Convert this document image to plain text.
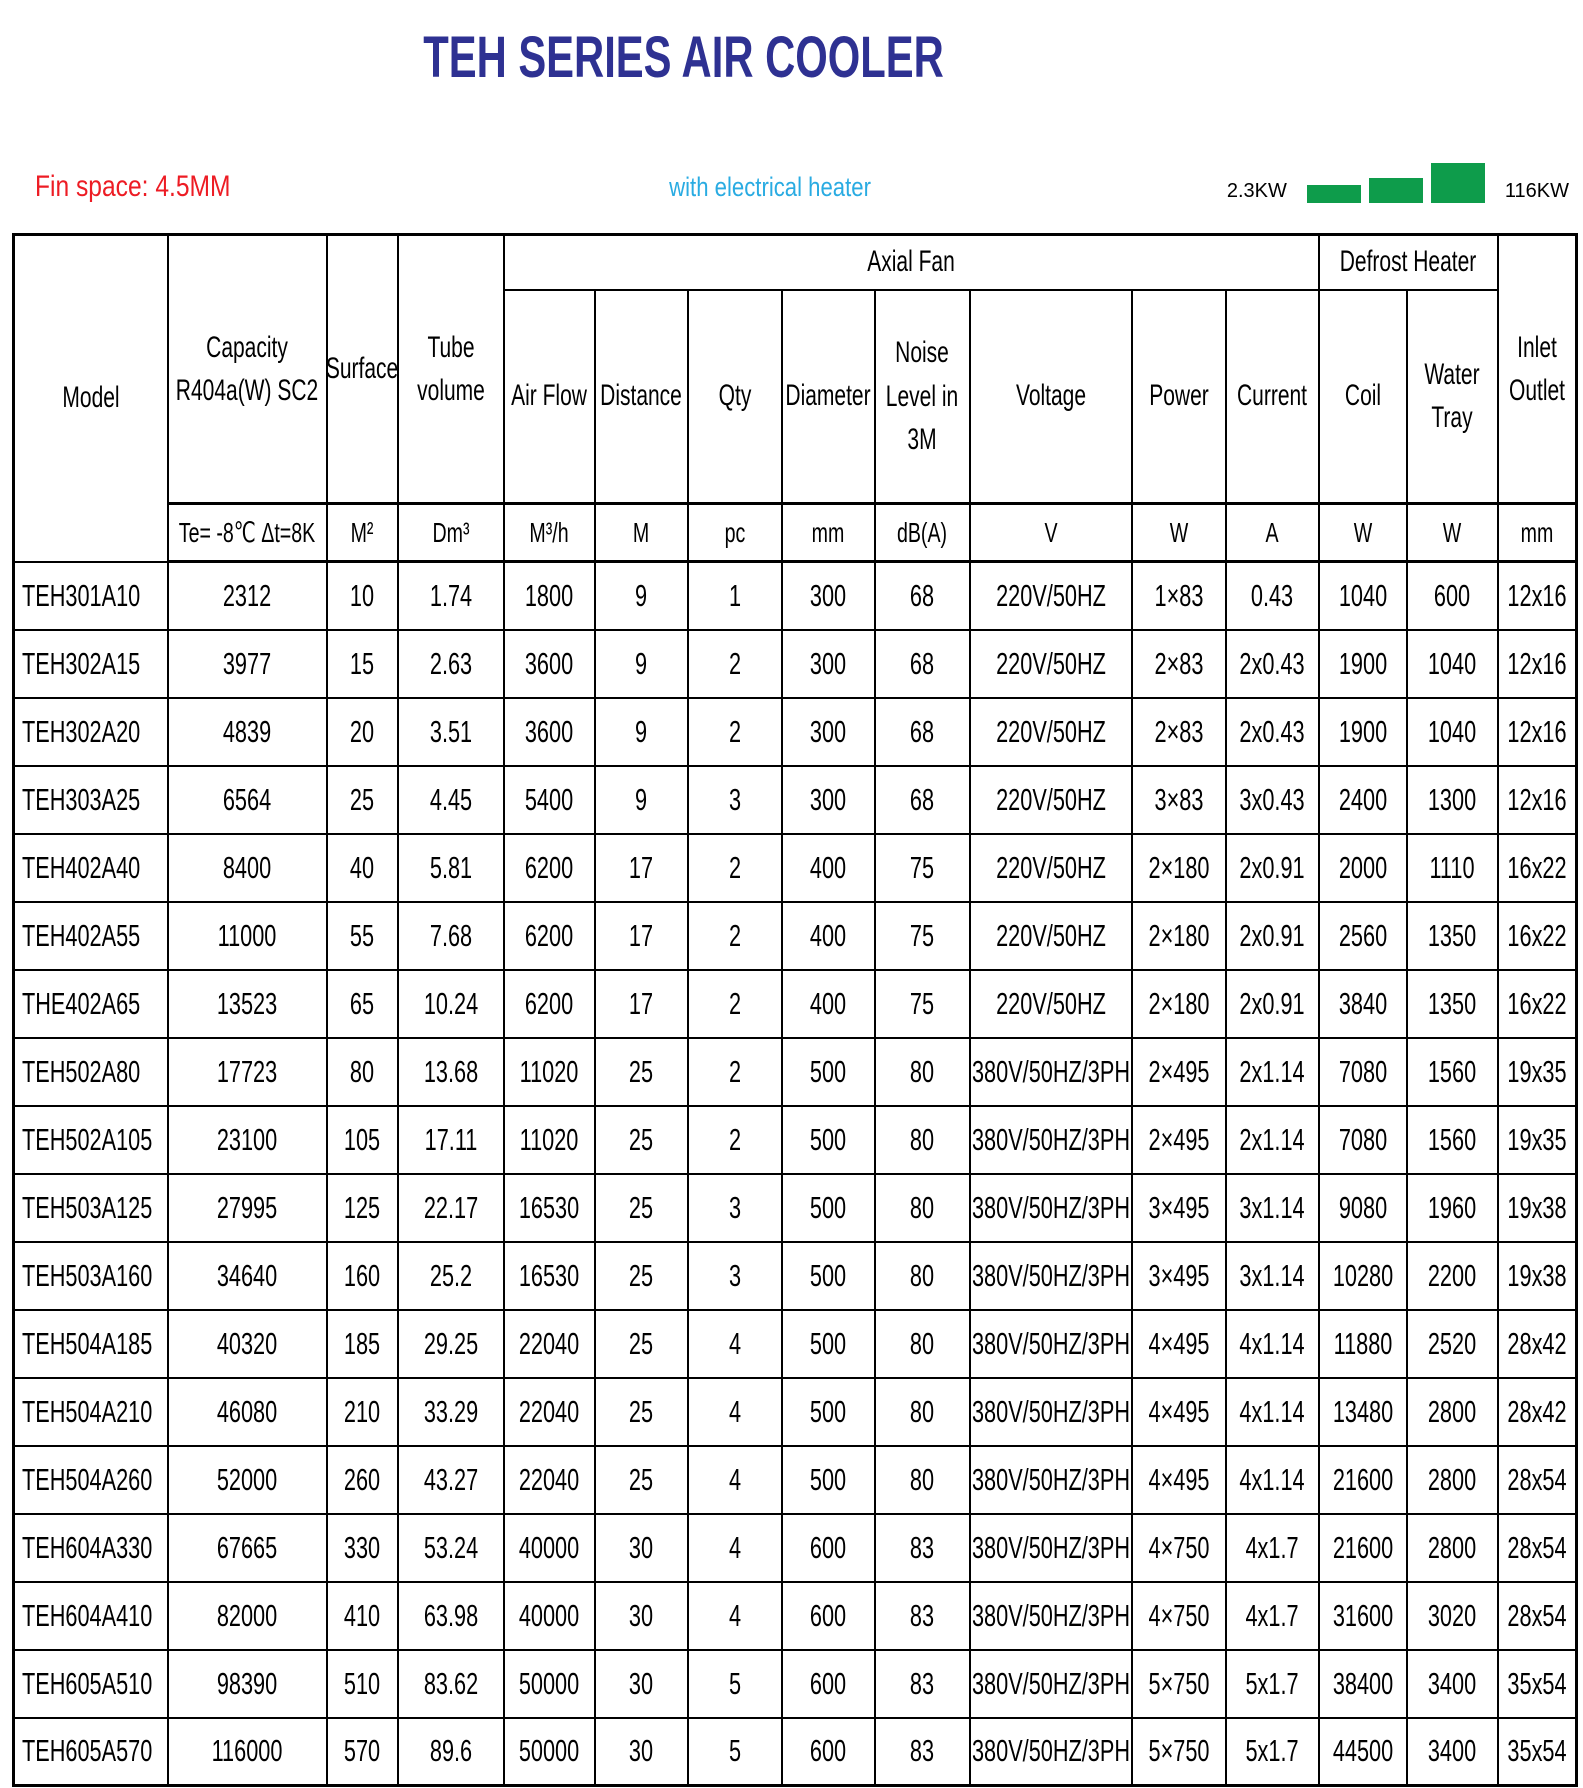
TEH SERIES AIR COOLER
Fin space: 4.5MM	with electrical heater	2.3KW	116KW
Model	Capacity R404a(W) SC2	Surface	Tube volume	Axial Fan								Defrost Heater		Inlet Outlet
				Air Flow	Distance	Qty	Diameter	Noise Level in 3M	Voltage	Power	Current	Coil	Water Tray	
	Te= -8℃ Δt=8K	M²	Dm³	M³/h	M	pc	mm	dB(A)	V	W	A	W	W	mm
TEH301A10	2312	10	1.74	1800	9	1	300	68	220V/50HZ	1×83	0.43	1040	600	12x16
TEH302A15	3977	15	2.63	3600	9	2	300	68	220V/50HZ	2×83	2x0.43	1900	1040	12x16
TEH302A20	4839	20	3.51	3600	9	2	300	68	220V/50HZ	2×83	2x0.43	1900	1040	12x16
TEH303A25	6564	25	4.45	5400	9	3	300	68	220V/50HZ	3×83	3x0.43	2400	1300	12x16
TEH402A40	8400	40	5.81	6200	17	2	400	75	220V/50HZ	2×180	2x0.91	2000	1110	16x22
TEH402A55	11000	55	7.68	6200	17	2	400	75	220V/50HZ	2×180	2x0.91	2560	1350	16x22
THE402A65	13523	65	10.24	6200	17	2	400	75	220V/50HZ	2×180	2x0.91	3840	1350	16x22
TEH502A80	17723	80	13.68	11020	25	2	500	80	380V/50HZ/3PH	2×495	2x1.14	7080	1560	19x35
TEH502A105	23100	105	17.11	11020	25	2	500	80	380V/50HZ/3PH	2×495	2x1.14	7080	1560	19x35
TEH503A125	27995	125	22.17	16530	25	3	500	80	380V/50HZ/3PH	3×495	3x1.14	9080	1960	19x38
TEH503A160	34640	160	25.2	16530	25	3	500	80	380V/50HZ/3PH	3×495	3x1.14	10280	2200	19x38
TEH504A185	40320	185	29.25	22040	25	4	500	80	380V/50HZ/3PH	4×495	4x1.14	11880	2520	28x42
TEH504A210	46080	210	33.29	22040	25	4	500	80	380V/50HZ/3PH	4×495	4x1.14	13480	2800	28x42
TEH504A260	52000	260	43.27	22040	25	4	500	80	380V/50HZ/3PH	4×495	4x1.14	21600	2800	28x54
TEH604A330	67665	330	53.24	40000	30	4	600	83	380V/50HZ/3PH	4×750	4x1.7	21600	2800	28x54
TEH604A410	82000	410	63.98	40000	30	4	600	83	380V/50HZ/3PH	4×750	4x1.7	31600	3020	28x54
TEH605A510	98390	510	83.62	50000	30	5	600	83	380V/50HZ/3PH	5×750	5x1.7	38400	3400	35x54
TEH605A570	116000	570	89.6	50000	30	5	600	83	380V/50HZ/3PH	5×750	5x1.7	44500	3400	35x54
